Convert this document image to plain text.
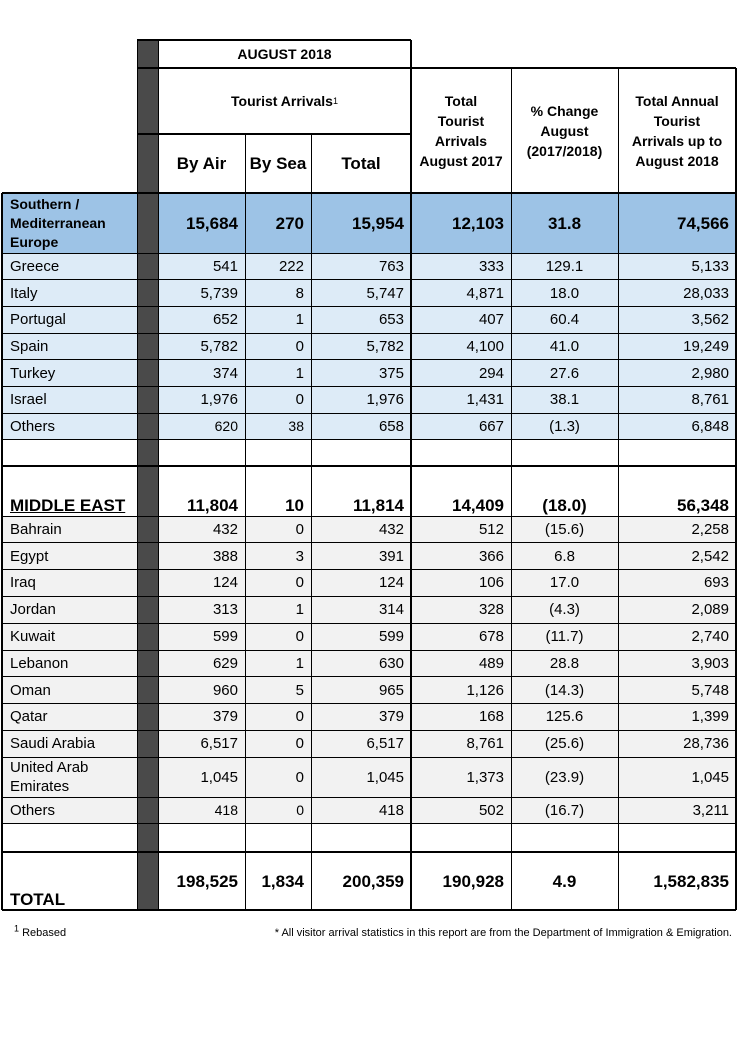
AUGUST 2018
Tourist Arrivals 1
By Air	By Sea	Total
Total
Tourist
Arrivals
August 2017
% Change
August
(2017/2018)
Total Annual
Tourist
Arrivals up to
August 2018
Southern /
Mediterranean
Europe
15,684	270	15,954	12,103	31.8	74,566
Greece	541	222	763	333	129.1	5,133
Italy	5,739	8	5,747	4,871	18.0	28,033
Portugal	652	1	653	407	60.4	3,562
Spain	5,782	0	5,782	4,100	41.0	19,249
Turkey	374	1	375	294	27.6	2,980
Israel	1,976	0	1,976	1,431	38.1	8,761
Others	620	38	658	667	(1.3)	6,848
MIDDLE EAST	11,804	10	11,814	14,409	(18.0)	56,348
Bahrain	432	0	432	512	(15.6)	2,258
Egypt	388	3	391	366	6.8	2,542
Iraq	124	0	124	106	17.0	693
Jordan	313	1	314	328	(4.3)	2,089
Kuwait	599	0	599	678	(11.7)	2,740
Lebanon	629	1	630	489	28.8	3,903
Oman	960	5	965	1,126	(14.3)	5,748
Qatar	379	0	379	168	125.6	1,399
Saudi Arabia	6,517	0	6,517	8,761	(25.6)	28,736
United Arab
Emirates
1,045	0	1,045	1,373	(23.9)	1,045
Others	418	0	418	502	(16.7)	3,211
TOTAL
198,525	1,834	200,359	190,928	4.9	1,582,835
$^1$ Rebased	* All visitor arrival statistics in this report are from the Department of Immigration & Emigration.
